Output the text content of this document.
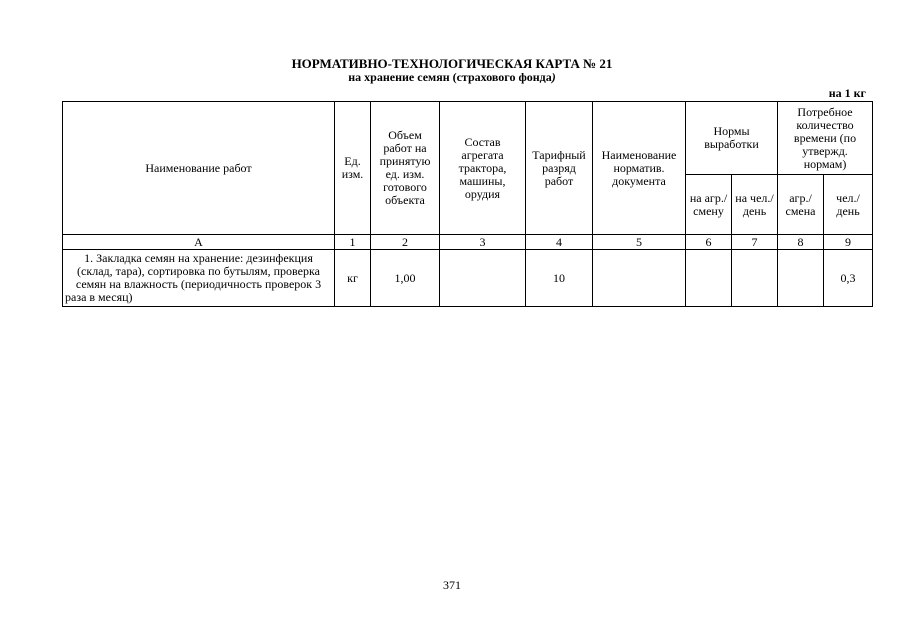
НОРМАТИВНО-ТЕХНОЛОГИЧЕСКАЯ КАРТА № 21
на хранение семян (страхового фонда)
на 1 кг
Наименование работ	Ед. изм.	Объем работ на принятую ед. изм. готового объекта	Состав агрегата трактора, машины, орудия	Тарифный разряд работ	Наименование норматив. документа	Нормы выработки		Потребное количество времени (по утвержд. нормам)	
						на агр./ смену	на чел./ день	агр./ смена	чел./ день
А	1	2	3	4	5	6	7	8	9
1. Закладка семян на хранение: дезинфекция (склад, тара), сортировка по бутылям, проверка семян на влажность (периодичность проверок 3 раза в месяц)	кг	1,00		10					0,3
371
